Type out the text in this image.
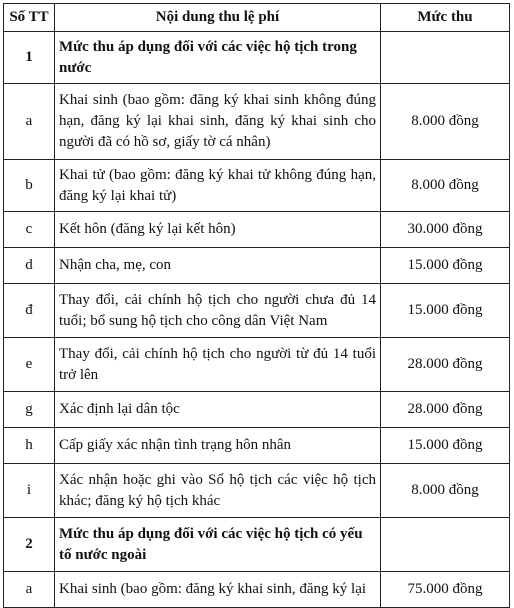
Số TT	Nội dung thu lệ phí	Mức thu
1	Mức thu áp dụng đối với các việc hộ tịch trong nước	
a	Khai sinh (bao gồm: đăng ký khai sinh không đúng hạn, đăng ký lại khai sinh, đăng ký khai sinh cho người đã có hồ sơ, giấy tờ cá nhân)	8.000 đồng
b	Khai tử (bao gồm: đăng ký khai tử không đúng hạn, đăng ký lại khai tử)	8.000 đồng
c	Kết hôn (đăng ký lại kết hôn)	30.000 đồng
d	Nhận cha, mẹ, con	15.000 đồng
đ	Thay đổi, cải chính hộ tịch cho người chưa đủ 14 tuổi; bổ sung hộ tịch cho công dân Việt Nam	15.000 đồng
e	Thay đổi, cải chính hộ tịch cho người từ đủ 14 tuổi trở lên	28.000 đồng
g	Xác định lại dân tộc	28.000 đồng
h	Cấp giấy xác nhận tình trạng hôn nhân	15.000 đồng
i	Xác nhận hoặc ghi vào Sổ hộ tịch các việc hộ tịch khác; đăng ký hộ tịch khác	8.000 đồng
2	Mức thu áp dụng đối với các việc hộ tịch có yếu tố nước ngoài	
a	Khai sinh (bao gồm: đăng ký khai sinh, đăng ký lại	75.000 đồng
